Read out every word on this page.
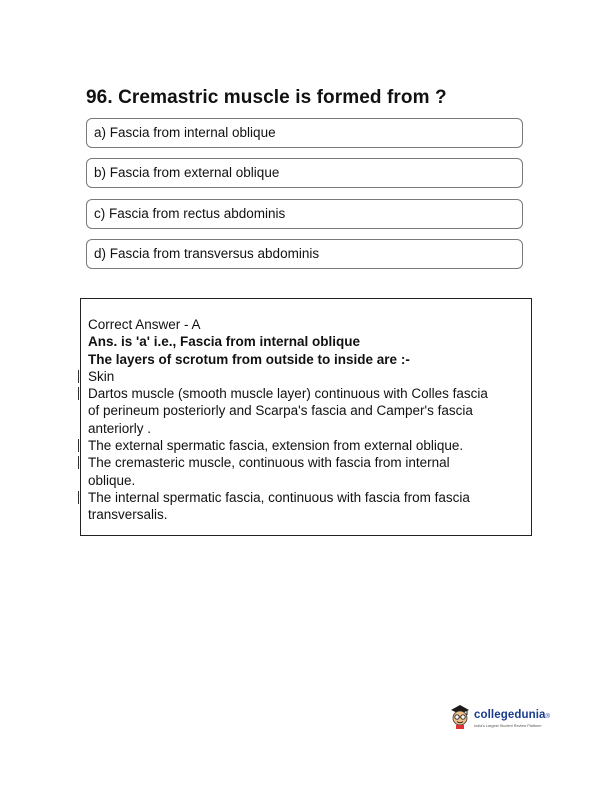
96. Cremastric muscle is formed from ?
a) Fascia from internal oblique
b) Fascia from external oblique
c) Fascia from rectus abdominis
d) Fascia from transversus abdominis
Correct Answer - A
Ans. is 'a' i.e., Fascia from internal oblique
The layers of scrotum from outside to inside are :-
Skin
Dartos muscle (smooth muscle layer) continuous with Colles fascia
of perineum posteriorly and Scarpa's fascia and Camper's fascia
anteriorly .
The external spermatic fascia, extension from external oblique.
The cremasteric muscle, continuous with fascia from internal
oblique.
The internal spermatic fascia, continuous with fascia from fascia
transversalis.
collegedunia®
India's Largest Student Review Platform
